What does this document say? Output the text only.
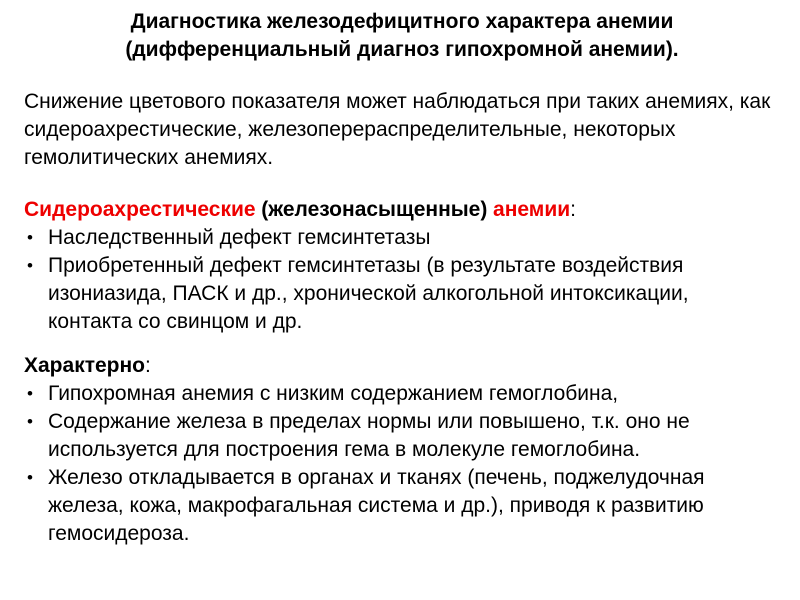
Диагностика железодефицитного характера анемии
(дифференциальный диагноз гипохромной анемии).

Снижение цветового показателя может наблюдаться при таких анемиях, как сидероахрестические, железоперераспределительные, некоторых гемолитических анемиях.

Сидероахрестические (железонасыщенные) анемии:
• Наследственный дефект гемсинтетазы
• Приобретенный дефект гемсинтетазы (в результате воздействия изониазида, ПАСК и др., хронической алкогольной интоксикации, контакта со свинцом и др.
Характерно:
• Гипохромная анемия с низким содержанием гемоглобина,
• Содержание железа в пределах нормы или повышено, т.к. оно не используется для построения гема в молекуле гемоглобина.
• Железо откладывается в органах и тканях (печень, поджелудочная железа, кожа, макрофагальная система и др.), приводя к развитию гемосидероза.
